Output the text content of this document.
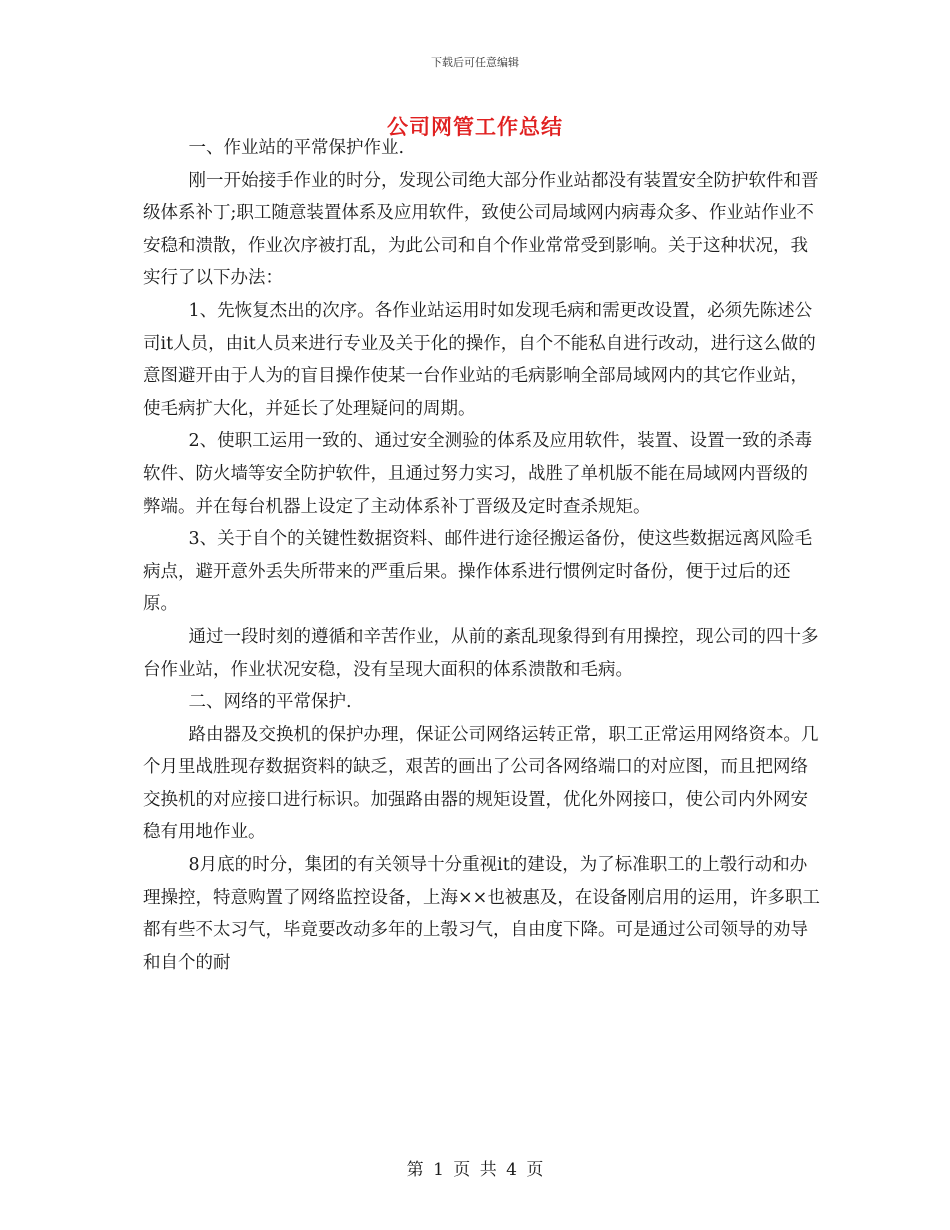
下载后可任意编辑
公司网管工作总结

一、作业站的平常保护作业.

刚一开始接手作业的时分，发现公司绝大部分作业站都没有装置安全防护软件和晋级体系补丁;职工随意装置体系及应用软件，致使公司局域网内病毒众多、作业站作业不安稳和溃散，作业次序被打乱，为此公司和自个作业常常受到影响。关于这种状况，我实行了以下办法：

1、先恢复杰出的次序。各作业站运用时如发现毛病和需更改设置，必须先陈述公司it人员，由it人员来进行专业及关于化的操作，自个不能私自进行改动，进行这么做的意图避开由于人为的盲目操作使某一台作业站的毛病影响全部局域网内的其它作业站，使毛病扩大化，并延长了处理疑问的周期。

2、使职工运用一致的、通过安全测验的体系及应用软件，装置、设置一致的杀毒软件、防火墙等安全防护软件，且通过努力实习，战胜了单机版不能在局域网内晋级的弊端。并在每台机器上设定了主动体系补丁晋级及定时查杀规矩。

3、关于自个的关键性数据资料、邮件进行途径搬运备份，使这些数据远离风险毛病点，避开意外丢失所带来的严重后果。操作体系进行惯例定时备份，便于过后的还原。

通过一段时刻的遵循和辛苦作业，从前的紊乱现象得到有用操控，现公司的四十多台作业站，作业状况安稳，没有呈现大面积的体系溃散和毛病。

二、网络的平常保护.

路由器及交换机的保护办理，保证公司网络运转正常，职工正常运用网络资本。几个月里战胜现存数据资料的缺乏，艰苦的画出了公司各网络端口的对应图，而且把网络交换机的对应接口进行标识。加强路由器的规矩设置，优化外网接口，使公司内外网安稳有用地作业。

8月底的时分，集团的有关领导十分重视it的建设，为了标准职工的上彀行动和办理操控，特意购置了网络监控设备，上海××也被惠及，在设备刚启用的运用，许多职工都有些不太习气，毕竟要改动多年的上彀习气，自由度下降。可是通过公司领导的劝导和自个的耐

第 1 页 共 4 页
